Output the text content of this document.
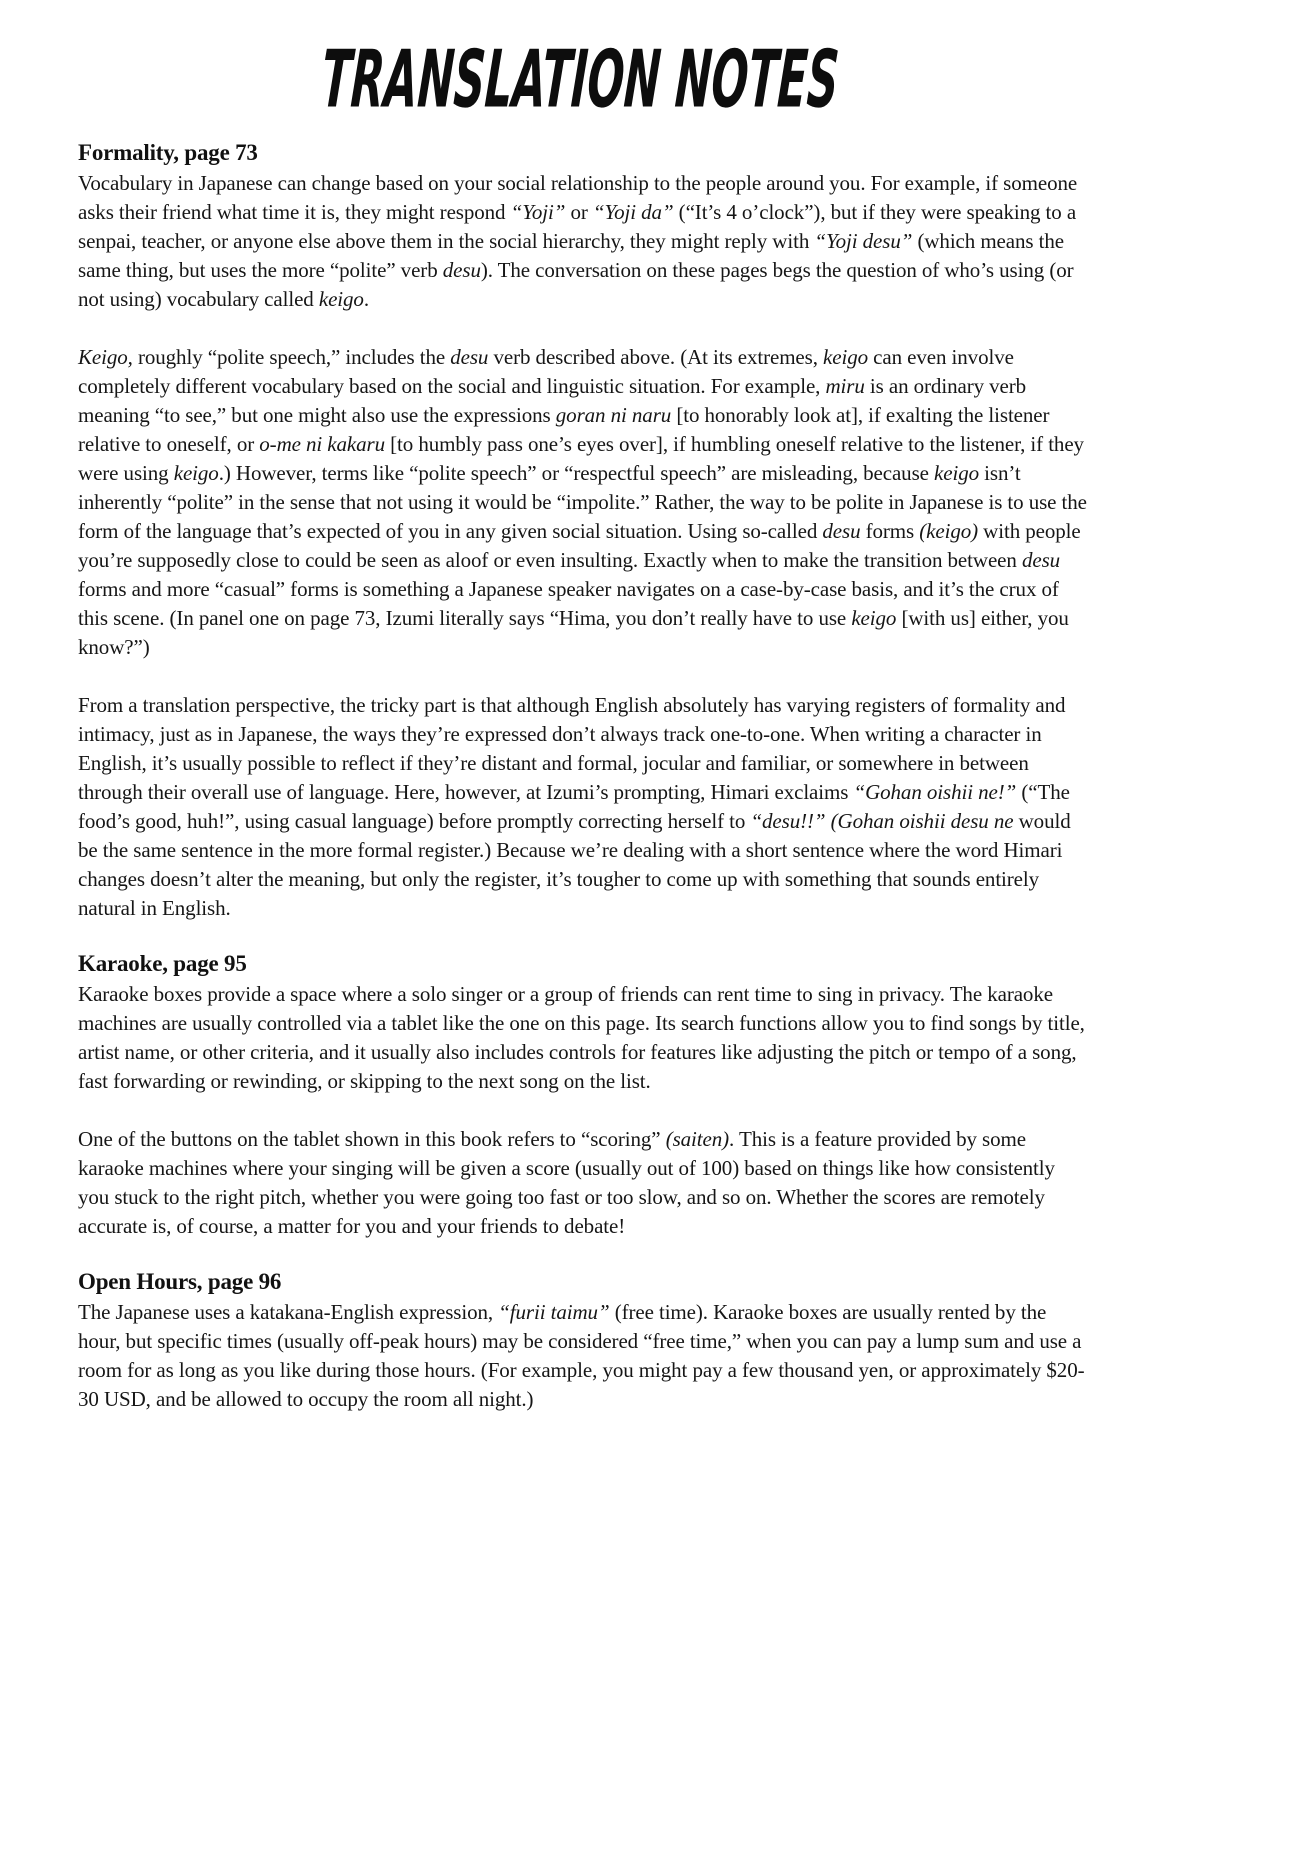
TRANSLATION NOTES
Formality, page 73

Vocabulary in Japanese can change based on your social relationship to the people around you. For example, if someone asks their friend what time it is, they might respond “Yoji” or “Yoji da” (“It’s 4 o’clock”), but if they were speaking to a senpai, teacher, or anyone else above them in the social hierarchy, they might reply with “Yoji desu” (which means the same thing, but uses the more “polite” verb desu). The conversation on these pages begs the question of who’s using (or not using) vocabulary called keigo.

Keigo, roughly “polite speech,” includes the desu verb described above. (At its extremes, keigo can even involve completely different vocabulary based on the social and linguistic situation. For example, miru is an ordinary verb meaning “to see,” but one might also use the expressions goran ni naru [to honorably look at], if exalting the listener relative to oneself, or o-me ni kakaru [to humbly pass one’s eyes over], if humbling oneself relative to the listener, if they were using keigo.) However, terms like “polite speech” or “respectful speech” are misleading, because keigo isn’t inherently “polite” in the sense that not using it would be “impolite.” Rather, the way to be polite in Japanese is to use the form of the language that’s expected of you in any given social situation. Using so-called desu forms (keigo) with people you’re supposedly close to could be seen as aloof or even insulting. Exactly when to make the transition between desu forms and more “casual” forms is something a Japanese speaker navigates on a case-by-case basis, and it’s the crux of this scene. (In panel one on page 73, Izumi literally says “Hima, you don’t really have to use keigo [with us] either, you know?”)

From a translation perspective, the tricky part is that although English absolutely has varying registers of formality and intimacy, just as in Japanese, the ways they’re expressed don’t always track one-to-one. When writing a character in English, it’s usually possible to reflect if they’re distant and formal, jocular and familiar, or somewhere in between through their overall use of language. Here, however, at Izumi’s prompting, Himari exclaims “Gohan oishii ne!” (“The food’s good, huh!”, using casual language) before promptly correcting herself to “desu!!” (Gohan oishii desu ne would be the same sentence in the more formal register.) Because we’re dealing with a short sentence where the word Himari changes doesn’t alter the meaning, but only the register, it’s tougher to come up with something that sounds entirely natural in English.

Karaoke, page 95

Karaoke boxes provide a space where a solo singer or a group of friends can rent time to sing in privacy. The karaoke machines are usually controlled via a tablet like the one on this page. Its search functions allow you to find songs by title, artist name, or other criteria, and it usually also includes controls for features like adjusting the pitch or tempo of a song, fast forwarding or rewinding, or skipping to the next song on the list.

One of the buttons on the tablet shown in this book refers to “scoring” (saiten). This is a feature provided by some karaoke machines where your singing will be given a score (usually out of 100) based on things like how consistently you stuck to the right pitch, whether you were going too fast or too slow, and so on. Whether the scores are remotely accurate is, of course, a matter for you and your friends to debate!

Open Hours, page 96

The Japanese uses a katakana-English expression, “furii taimu” (free time). Karaoke boxes are usually rented by the hour, but specific times (usually off-peak hours) may be considered “free time,” when you can pay a lump sum and use a room for as long as you like during those hours. (For example, you might pay a few thousand yen, or approximately $20-30 USD, and be allowed to occupy the room all night.)
